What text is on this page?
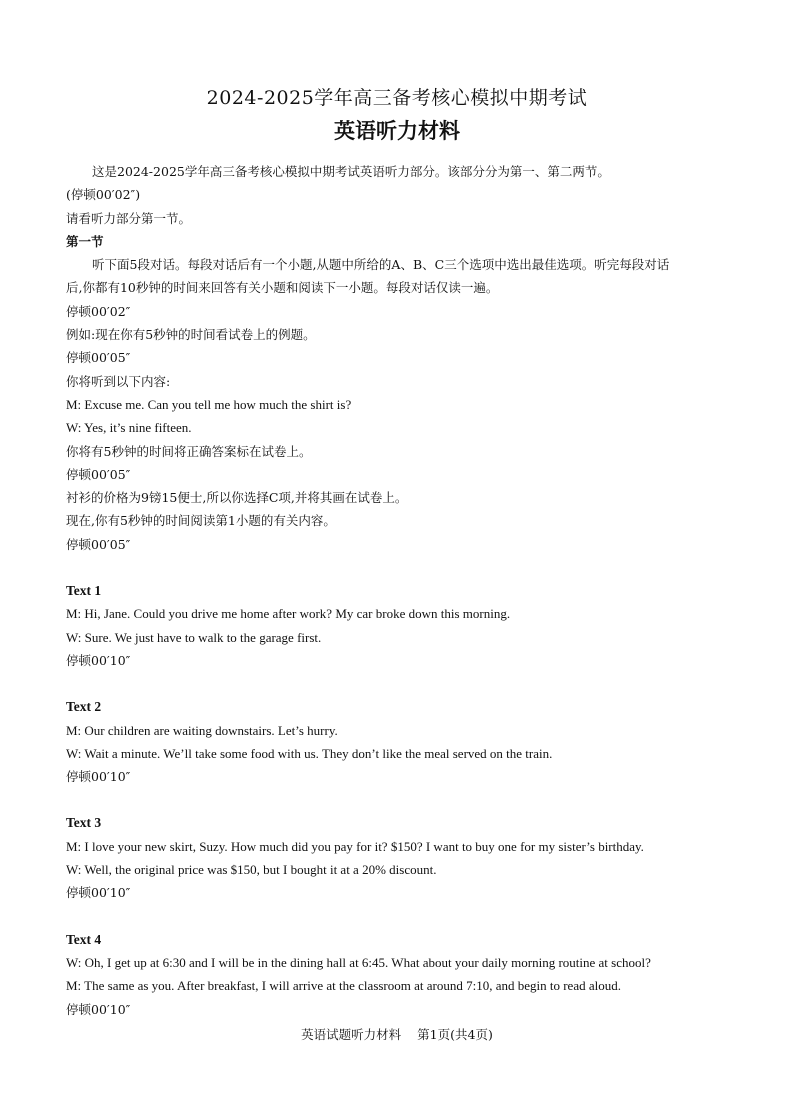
2024-2025学年高三备考核心模拟中期考试
英语听力材料
这是2024-2025学年高三备考核心模拟中期考试英语听力部分。该部分分为第一、第二两节。
(停顿00′02″)
请看听力部分第一节。
第一节
听下面5段对话。每段对话后有一个小题,从题中所给的A、B、C三个选项中选出最佳选项。听完每段对话
后,你都有10秒钟的时间来回答有关小题和阅读下一小题。每段对话仅读一遍。
停顿00′02″
例如:现在你有5秒钟的时间看试卷上的例题。
停顿00′05″
你将听到以下内容:
M: Excuse me. Can you tell me how much the shirt is?
W: Yes, it’s nine fifteen.
你将有5秒钟的时间将正确答案标在试卷上。
停顿00′05″
衬衫的价格为9镑15便士,所以你选择C项,并将其画在试卷上。
现在,你有5秒钟的时间阅读第1小题的有关内容。
停顿00′05″
Text 1
M: Hi, Jane. Could you drive me home after work? My car broke down this morning.
W: Sure. We just have to walk to the garage first.
停顿00′10″
Text 2
M: Our children are waiting downstairs. Let’s hurry.
W: Wait a minute. We’ll take some food with us. They don’t like the meal served on the train.
停顿00′10″
Text 3
M: I love your new skirt, Suzy. How much did you pay for it? $150? I want to buy one for my sister’s birthday.
W: Well, the original price was $150, but I bought it at a 20% discount.
停顿00′10″
Text 4
W: Oh, I get up at 6:30 and I will be in the dining hall at 6:45. What about your daily morning routine at school?
M: The same as you. After breakfast, I will arrive at the classroom at around 7:10, and begin to read aloud.
停顿00′10″
英语试题听力材料 第1页(共4页)
